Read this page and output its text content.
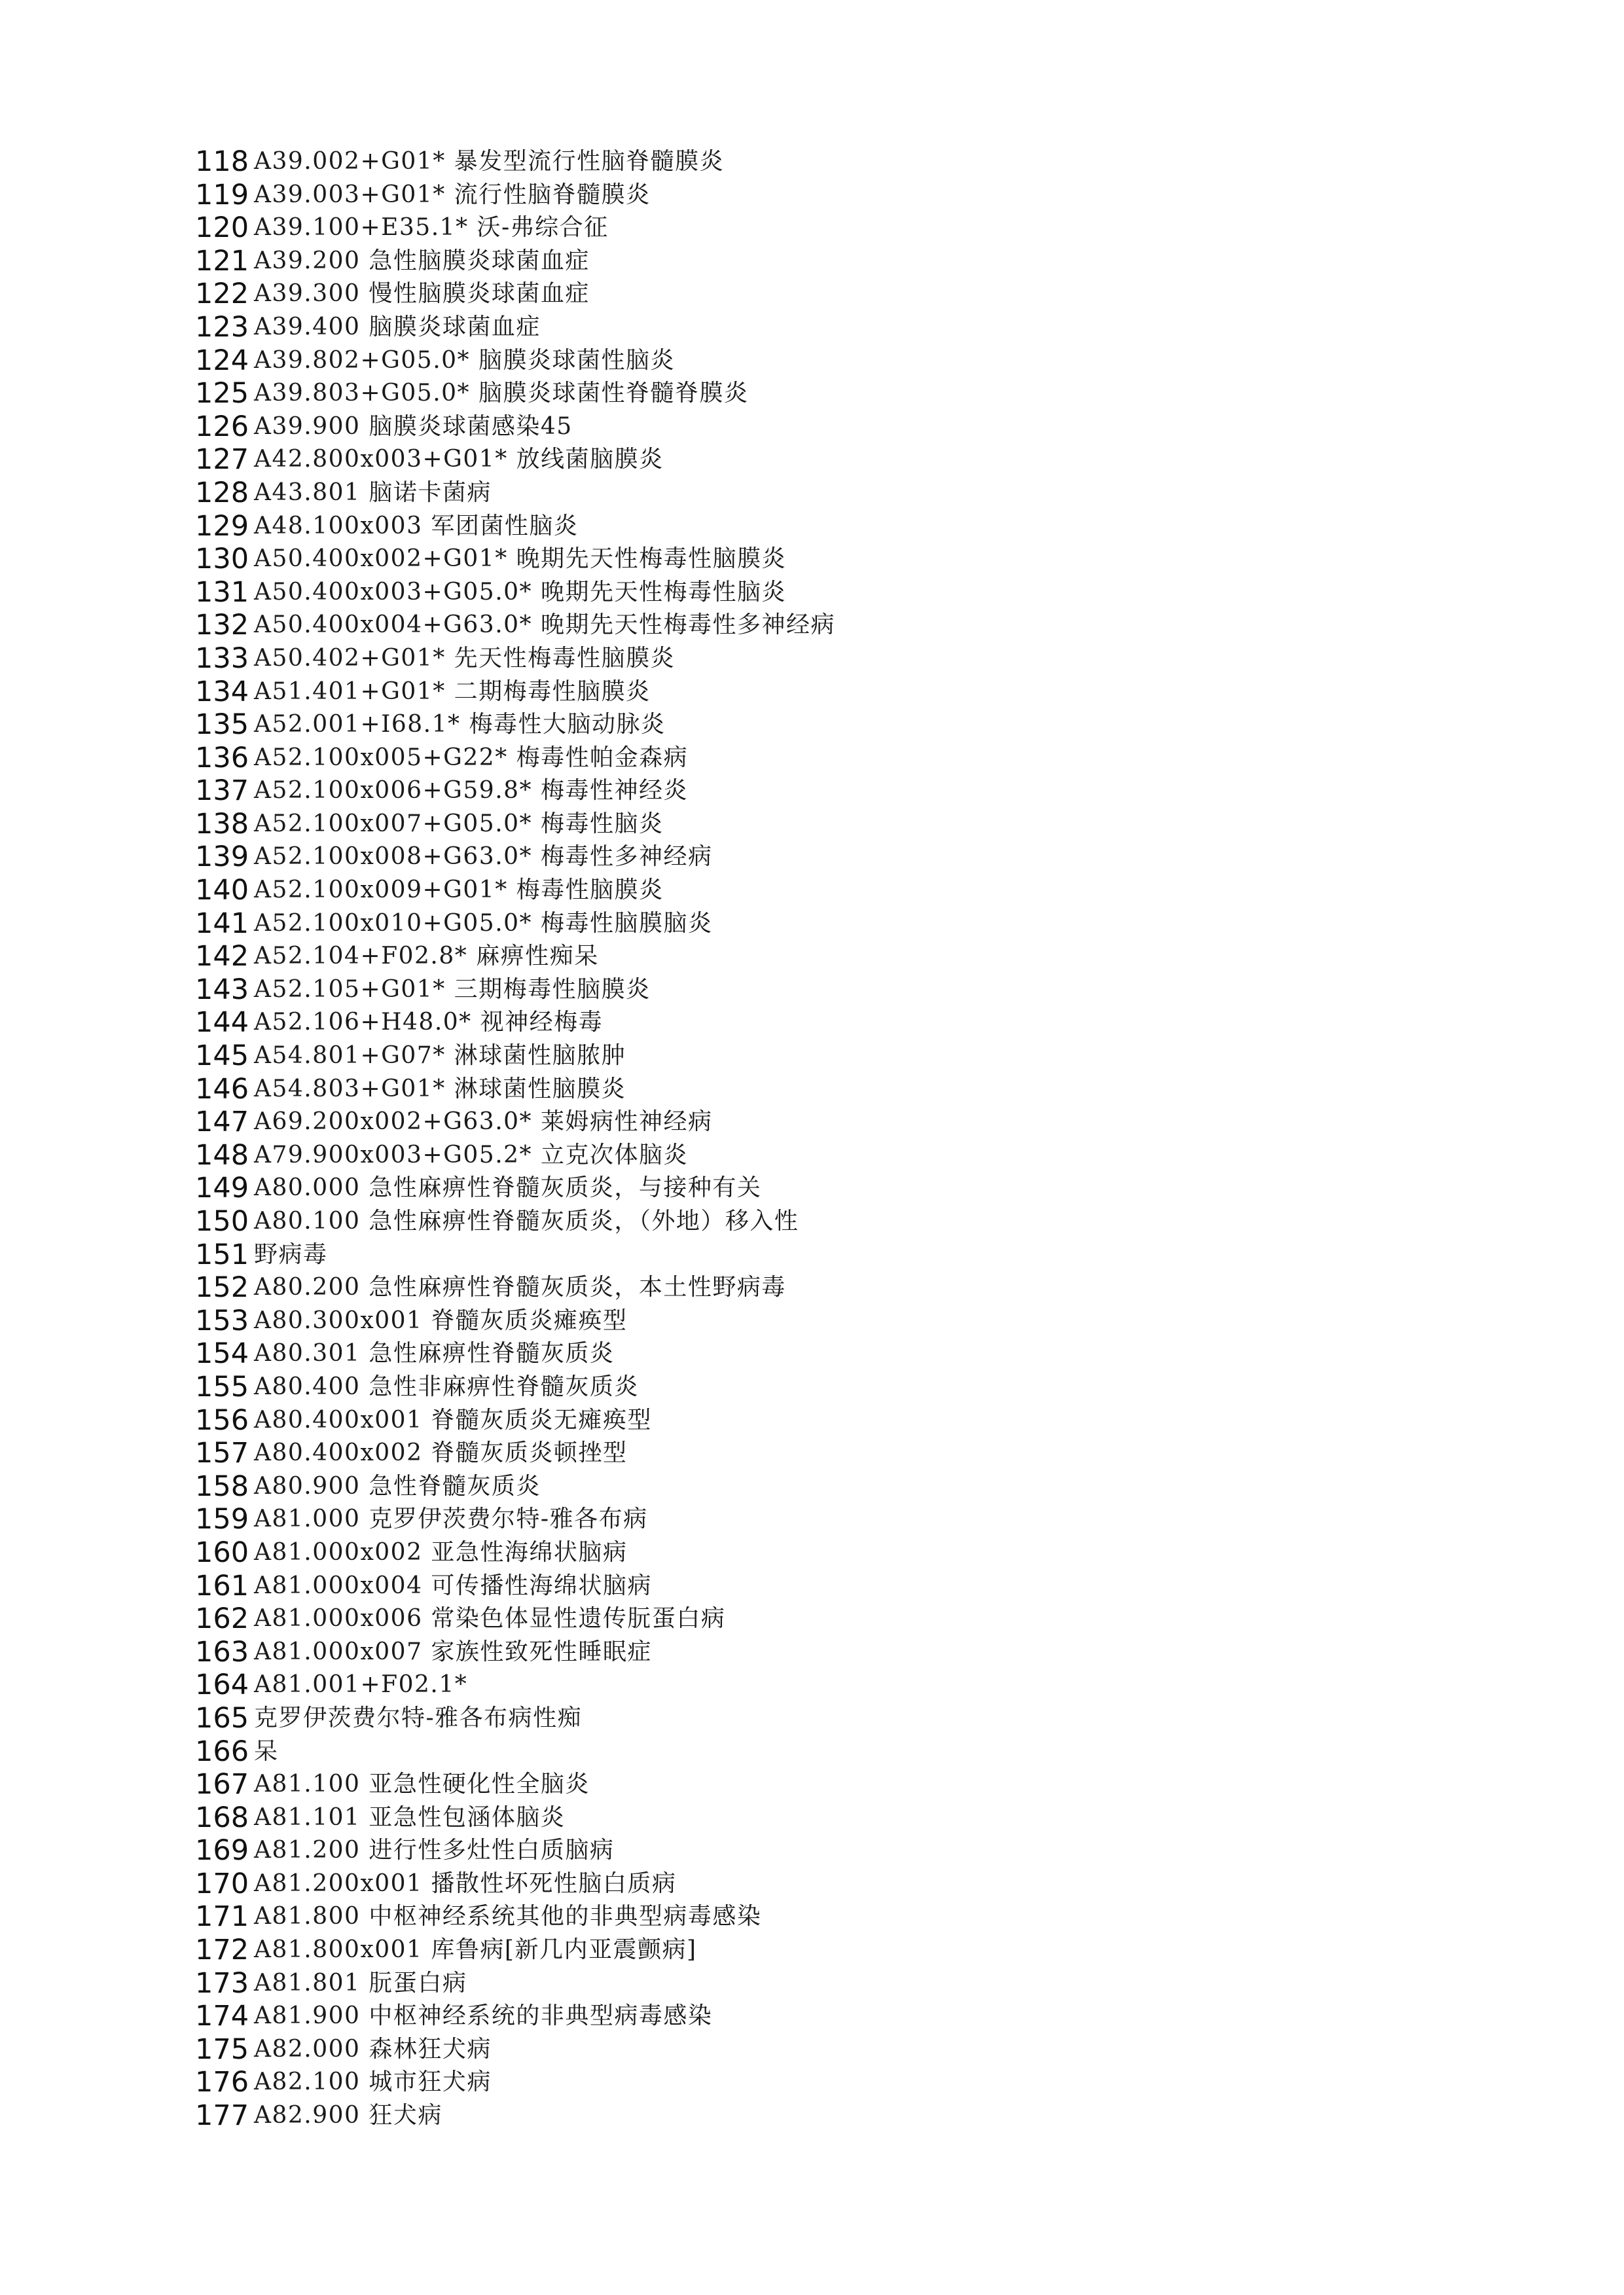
118 A39.002+G01* 暴发型流行性脑脊髓膜炎
119 A39.003+G01* 流行性脑脊髓膜炎
120 A39.100+E35.1* 沃-弗综合征
121 A39.200 急性脑膜炎球菌血症
122 A39.300 慢性脑膜炎球菌血症
123 A39.400 脑膜炎球菌血症
124 A39.802+G05.0* 脑膜炎球菌性脑炎
125 A39.803+G05.0* 脑膜炎球菌性脊髓脊膜炎
126 A39.900 脑膜炎球菌感染45
127 A42.800x003+G01* 放线菌脑膜炎
128 A43.801 脑诺卡菌病
129 A48.100x003 军团菌性脑炎
130 A50.400x002+G01* 晚期先天性梅毒性脑膜炎
131 A50.400x003+G05.0* 晚期先天性梅毒性脑炎
132 A50.400x004+G63.0* 晚期先天性梅毒性多神经病
133 A50.402+G01* 先天性梅毒性脑膜炎
134 A51.401+G01* 二期梅毒性脑膜炎
135 A52.001+I68.1* 梅毒性大脑动脉炎
136 A52.100x005+G22* 梅毒性帕金森病
137 A52.100x006+G59.8* 梅毒性神经炎
138 A52.100x007+G05.0* 梅毒性脑炎
139 A52.100x008+G63.0* 梅毒性多神经病
140 A52.100x009+G01* 梅毒性脑膜炎
141 A52.100x010+G05.0* 梅毒性脑膜脑炎
142 A52.104+F02.8* 麻痹性痴呆
143 A52.105+G01* 三期梅毒性脑膜炎
144 A52.106+H48.0* 视神经梅毒
145 A54.801+G07* 淋球菌性脑脓肿
146 A54.803+G01* 淋球菌性脑膜炎
147 A69.200x002+G63.0* 莱姆病性神经病
148 A79.900x003+G05.2* 立克次体脑炎
149 A80.000 急性麻痹性脊髓灰质炎，与接种有关
150 A80.100 急性麻痹性脊髓灰质炎，（外地）移入性
151 野病毒
152 A80.200 急性麻痹性脊髓灰质炎，本土性野病毒
153 A80.300x001 脊髓灰质炎瘫痪型
154 A80.301 急性麻痹性脊髓灰质炎
155 A80.400 急性非麻痹性脊髓灰质炎
156 A80.400x001 脊髓灰质炎无瘫痪型
157 A80.400x002 脊髓灰质炎顿挫型
158 A80.900 急性脊髓灰质炎
159 A81.000 克罗伊茨费尔特-雅各布病
160 A81.000x002 亚急性海绵状脑病
161 A81.000x004 可传播性海绵状脑病
162 A81.000x006 常染色体显性遗传朊蛋白病
163 A81.000x007 家族性致死性睡眠症
164 A81.001+F02.1*
165 克罗伊茨费尔特-雅各布病性痴
166 呆
167 A81.100 亚急性硬化性全脑炎
168 A81.101 亚急性包涵体脑炎
169 A81.200 进行性多灶性白质脑病
170 A81.200x001 播散性坏死性脑白质病
171 A81.800 中枢神经系统其他的非典型病毒感染
172 A81.800x001 库鲁病[新几内亚震颤病]
173 A81.801 朊蛋白病
174 A81.900 中枢神经系统的非典型病毒感染
175 A82.000 森林狂犬病
176 A82.100 城市狂犬病
177 A82.900 狂犬病
